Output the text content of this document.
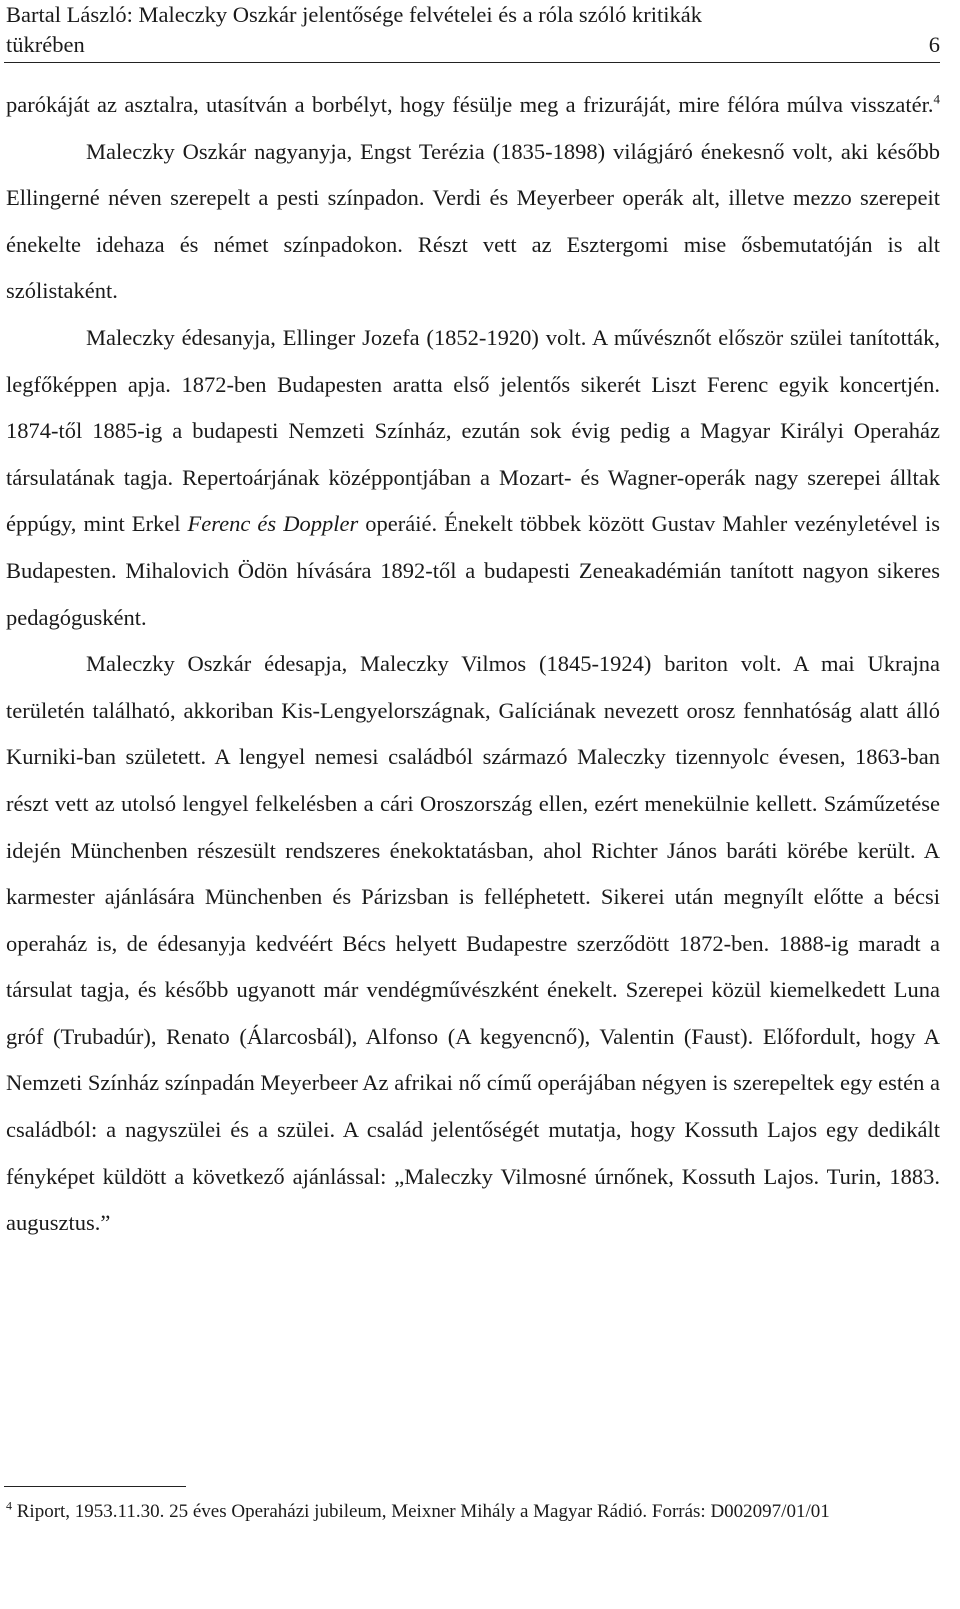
Bartal László: Maleczky Oszkár jelentősége felvételei és a róla szóló kritikák
tükrében	6

parókáját az asztalra, utasítván a borbélyt, hogy fésülje meg a frizuráját, mire félóra múlva visszatér.$^4$

Maleczky Oszkár nagyanyja, Engst Terézia (1835-1898) világjáró énekesnő volt, aki később Ellingerné néven szerepelt a pesti színpadon. Verdi és Meyerbeer operák alt, illetve mezzo szerepeit énekelte idehaza és német színpadokon. Részt vett az Esztergomi mise ősbemutatóján is alt szólistaként.

Maleczky édesanyja, Ellinger Jozefa (1852-1920) volt. A művésznőt először szülei tanították, legfőképpen apja. 1872-ben Budapesten aratta első jelentős sikerét Liszt Ferenc egyik koncertjén. 1874-től 1885-ig a budapesti Nemzeti Színház, ezután sok évig pedig a Magyar Királyi Operaház társulatának tagja. Repertoárjának középpontjában a Mozart- és Wagner-operák nagy szerepei álltak éppúgy, mint Erkel Ferenc és Doppler operáié. Énekelt többek között Gustav Mahler vezényletével is Budapesten. Mihalovich Ödön hívására 1892-től a budapesti Zeneakadémián tanított nagyon sikeres pedagógusként.

Maleczky Oszkár édesapja, Maleczky Vilmos (1845-1924) bariton volt. A mai Ukrajna területén található, akkoriban Kis-Lengyelországnak, Galíciának nevezett orosz fennhatóság alatt álló Kurniki-ban született. A lengyel nemesi családból származó Maleczky tizennyolc évesen, 1863-ban részt vett az utolsó lengyel felkelésben a cári Oroszország ellen, ezért menekülnie kellett. Száműzetése idején Münchenben részesült rendszeres énekoktatásban, ahol Richter János baráti körébe került. A karmester ajánlására Münchenben és Párizsban is felléphetett. Sikerei után megnyílt előtte a bécsi operaház is, de édesanyja kedvéért Bécs helyett Budapestre szerződött 1872-ben. 1888-ig maradt a társulat tagja, és később ugyanott már vendégművészként énekelt. Szerepei közül kiemelkedett Luna gróf (Trubadúr), Renato (Álarcosbál), Alfonso (A kegyencnő), Valentin (Faust). Előfordult, hogy A Nemzeti Színház színpadán Meyerbeer Az afrikai nő című operájában négyen is szerepeltek egy estén a családból: a nagyszülei és a szülei. A család jelentőségét mutatja, hogy Kossuth Lajos egy dedikált fényképet küldött a következő ajánlással: „Maleczky Vilmosné úrnőnek, Kossuth Lajos. Turin, 1883. augusztus.”

$^4$ Riport, 1953.11.30. 25 éves Operaházi jubileum, Meixner Mihály a Magyar Rádió. Forrás: D002097/01/01
